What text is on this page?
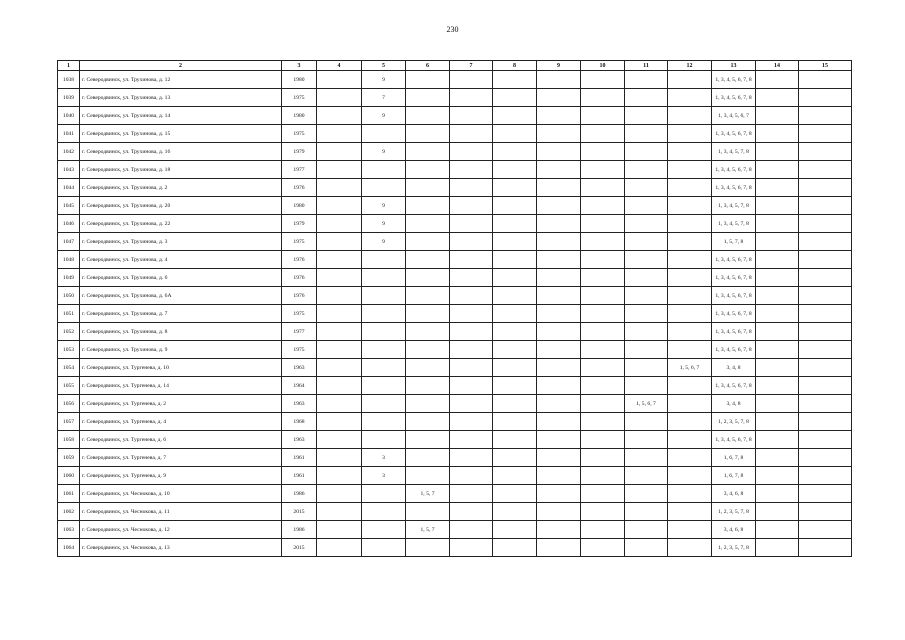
230
1	2	3	4	5	6	7	8	9	10	11	12	13	14	15
1038	г. Северодвинск, ул. Трухинова, д. 12	1980		9								1, 3, 4, 5, 6, 7, 8		
1039	г. Северодвинск, ул. Трухинова, д. 13	1975		7								1, 3, 4, 5, 6, 7, 8		
1040	г. Северодвинск, ул. Трухинова, д. 14	1980		9								1, 3, 4, 5, 6, 7		
1041	г. Северодвинск, ул. Трухинова, д. 15	1975										1, 3, 4, 5, 6, 7, 8		
1042	г. Северодвинск, ул. Трухинова, д. 16	1979		9								1, 3, 4, 5, 7, 8		
1043	г. Северодвинск, ул. Трухинова, д. 18	1977										1, 3, 4, 5, 6, 7, 8		
1044	г. Северодвинск, ул. Трухинова, д. 2	1976										1, 3, 4, 5, 6, 7, 8		
1045	г. Северодвинск, ул. Трухинова, д. 20	1980		9								1, 3, 4, 5, 7, 8		
1046	г. Северодвинск, ул. Трухинова, д. 22	1979		9								1, 3, 4, 5, 7, 8		
1047	г. Северодвинск, ул. Трухинова, д. 3	1975		9								1, 5, 7, 8		
1048	г. Северодвинск, ул. Трухинова, д. 4	1976										1, 3, 4, 5, 6, 7, 8		
1049	г. Северодвинск, ул. Трухинова, д. 6	1976										1, 3, 4, 5, 6, 7, 8		
1050	г. Северодвинск, ул. Трухинова, д. 6А	1976										1, 3, 4, 5, 6, 7, 8		
1051	г. Северодвинск, ул. Трухинова, д. 7	1975										1, 3, 4, 5, 6, 7, 8		
1052	г. Северодвинск, ул. Трухинова, д. 8	1977										1, 3, 4, 5, 6, 7, 8		
1053	г. Северодвинск, ул. Трухинова, д. 9	1975										1, 3, 4, 5, 6, 7, 8		
1054	г. Северодвинск, ул. Тургенева, д. 10	1963									1, 5, 6, 7	3, 4, 8		
1055	г. Северодвинск, ул. Тургенева, д. 14	1964										1, 3, 4, 5, 6, 7, 8		
1056	г. Северодвинск, ул. Тургенева, д. 2	1963								1, 5, 6, 7		3, 4, 8		
1057	г. Северодвинск, ул. Тургенева, д. 4	1968										1, 2, 3, 5, 7, 8		
1058	г. Северодвинск, ул. Тургенева, д. 6	1963										1, 3, 4, 5, 6, 7, 8		
1059	г. Северодвинск, ул. Тургенева, д. 7	1961		3								1, 6, 7, 8		
1060	г. Северодвинск, ул. Тургенева, д. 9	1961		3								1, 6, 7, 8		
1061	г. Северодвинск, ул. Чеснокова, д. 10	1986			1, 5, 7							3, 4, 6, 8		
1062	г. Северодвинск, ул. Чеснокова, д. 11	2015										1, 2, 3, 5, 7, 8		
1063	г. Северодвинск, ул. Чеснокова, д. 12	1986			1, 5, 7							3, 4, 6, 8		
1064	г. Северодвинск, ул. Чеснокова, д. 13	2015										1, 2, 3, 5, 7, 8		
